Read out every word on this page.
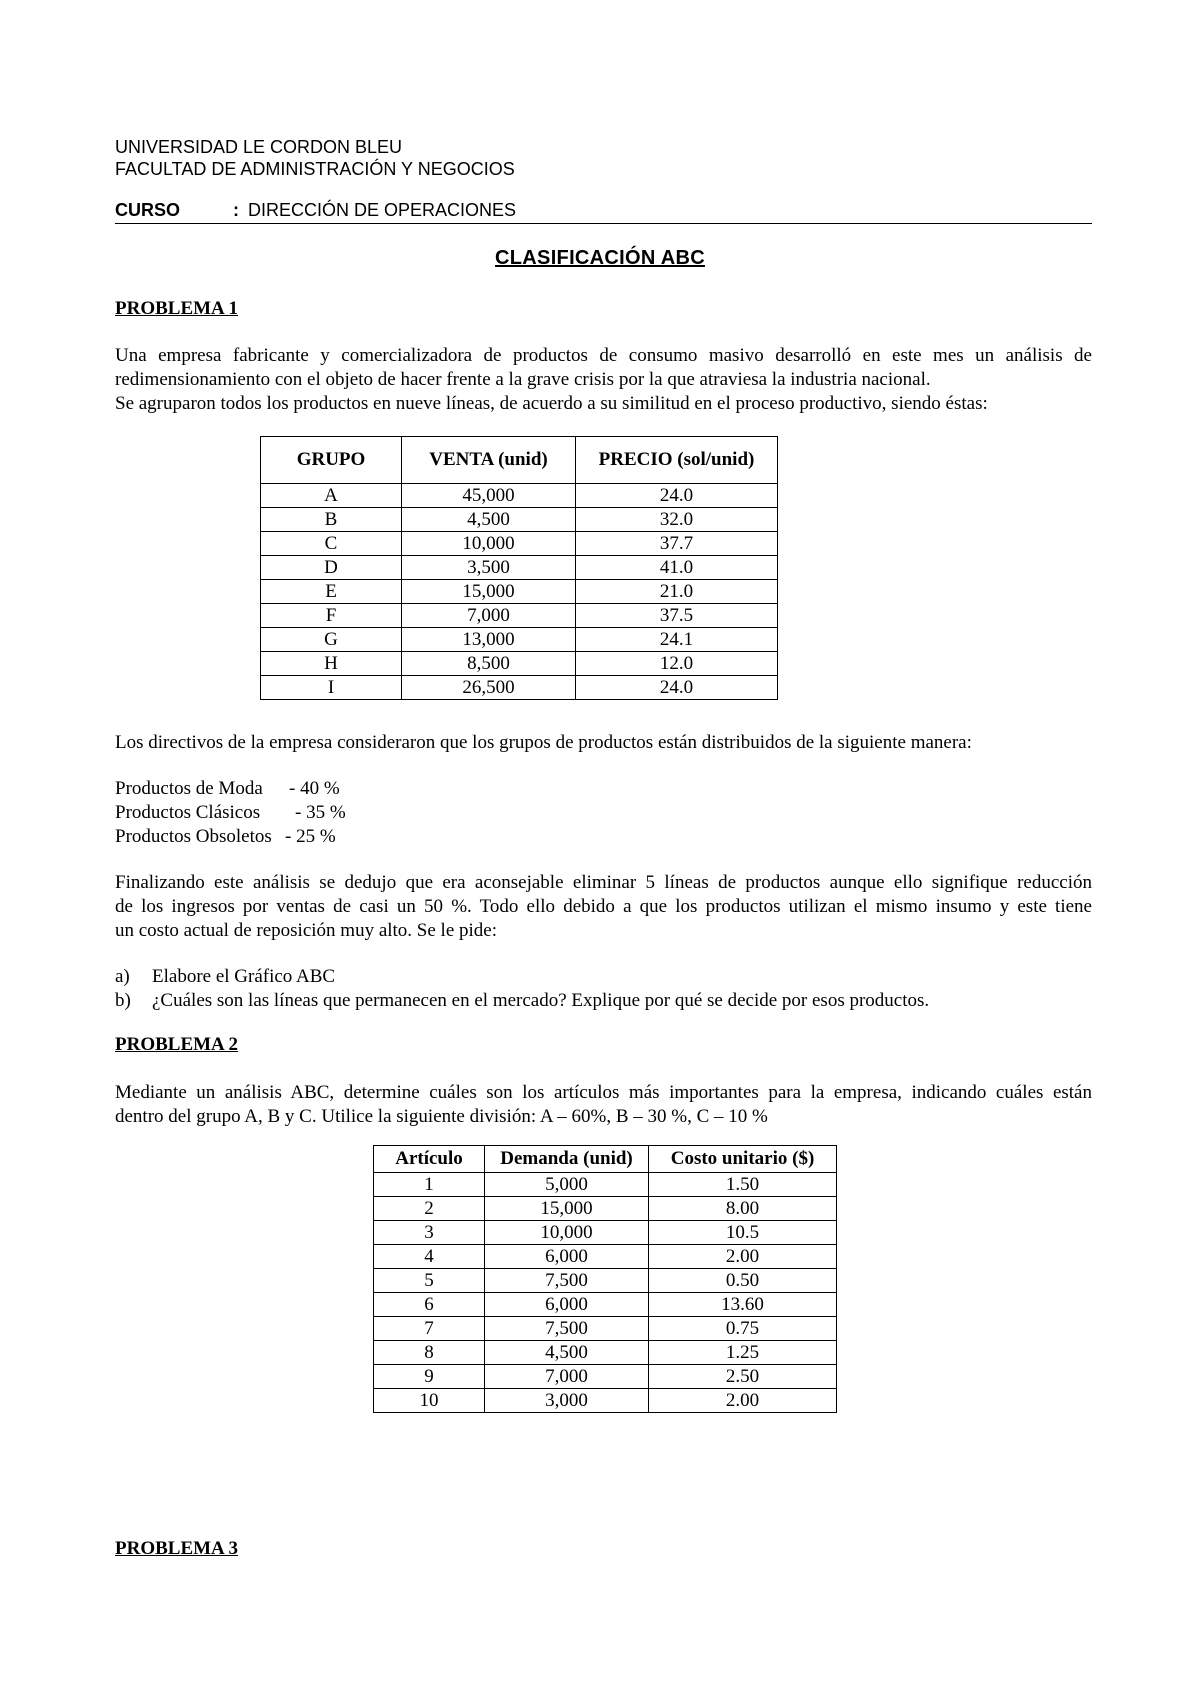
UNIVERSIDAD LE CORDON BLEU
FACULTAD DE ADMINISTRACIÓN Y NEGOCIOS
CURSO	: DIRECCIÓN DE OPERACIONES
CLASIFICACIÓN ABC
PROBLEMA 1
Una empresa fabricante y comercializadora de productos de consumo masivo desarrolló en este mes un análisis de
redimensionamiento con el objeto de hacer frente a la grave crisis por la que atraviesa la industria nacional.
Se agruparon todos los productos en nueve líneas, de acuerdo a su similitud en el proceso productivo, siendo éstas:
GRUPO	VENTA (unid)	PRECIO (sol/unid)
A	45,000	24.0
B	4,500	32.0
C	10,000	37.7
D	3,500	41.0
E	15,000	21.0
F	7,000	37.5
G	13,000	24.1
H	8,500	12.0
I	26,500	24.0
Los directivos de la empresa consideraron que los grupos de productos están distribuidos de la siguiente manera:
Productos de Moda - 40 %
Productos Clásicos - 35 %
Productos Obsoletos - 25 %
Finalizando este análisis se dedujo que era aconsejable eliminar 5 líneas de productos aunque ello signifique reducción
de los ingresos por ventas de casi un 50 %. Todo ello debido a que los productos utilizan el mismo insumo y este tiene
un costo actual de reposición muy alto. Se le pide:
a) Elabore el Gráfico ABC
b) ¿Cuáles son las líneas que permanecen en el mercado? Explique por qué se decide por esos productos.
PROBLEMA 2
Mediante un análisis ABC, determine cuáles son los artículos más importantes para la empresa, indicando cuáles están
dentro del grupo A, B y C. Utilice la siguiente división: A – 60%, B – 30 %, C – 10 %
Artículo	Demanda (unid)	Costo unitario ($)
1	5,000	1.50
2	15,000	8.00
3	10,000	10.5
4	6,000	2.00
5	7,500	0.50
6	6,000	13.60
7	7,500	0.75
8	4,500	1.25
9	7,000	2.50
10	3,000	2.00
PROBLEMA 3
